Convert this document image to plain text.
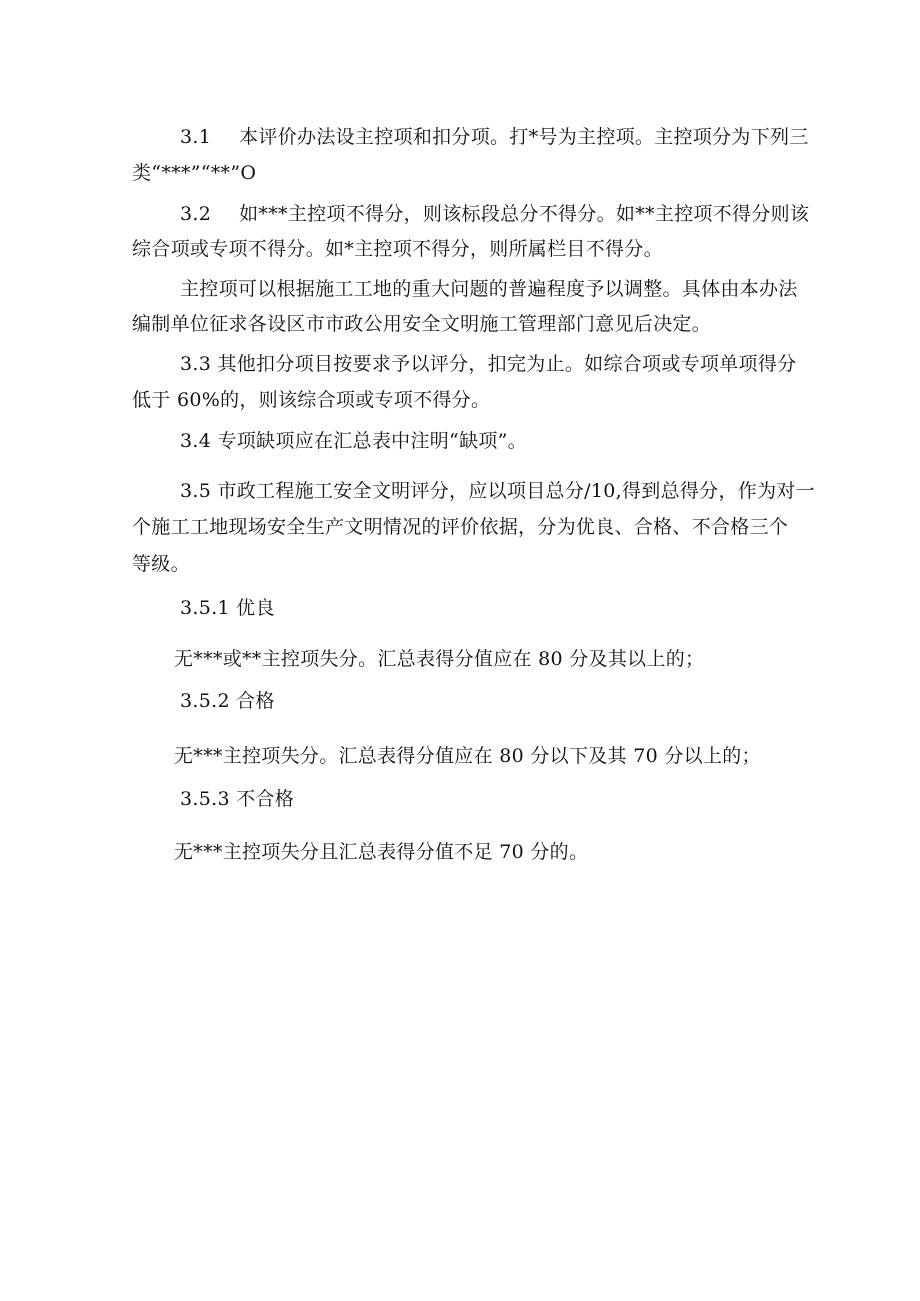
3.1 本评价办法设主控项和扣分项。打*号为主控项。主控项分为下列三
类“***”“**”O
3.2 如***主控项不得分，则该标段总分不得分。如**主控项不得分则该
综合项或专项不得分。如*主控项不得分，则所属栏目不得分。
主控项可以根据施工工地的重大问题的普遍程度予以调整。具体由本办法
编制单位征求各设区市市政公用安全文明施工管理部门意见后决定。
3.3 其他扣分项目按要求予以评分，扣完为止。如综合项或专项单项得分
低于 60%的，则该综合项或专项不得分。
3.4 专项缺项应在汇总表中注明“缺项”。
3.5 市政工程施工安全文明评分，应以项目总分/10,得到总得分，作为对一
个施工工地现场安全生产文明情况的评价依据，分为优良、合格、不合格三个
等级。
3.5.1 优良
无***或**主控项失分。汇总表得分值应在 80 分及其以上的；
3.5.2 合格
无***主控项失分。汇总表得分值应在 80 分以下及其 70 分以上的；
3.5.3 不合格
无***主控项失分且汇总表得分值不足 70 分的。
